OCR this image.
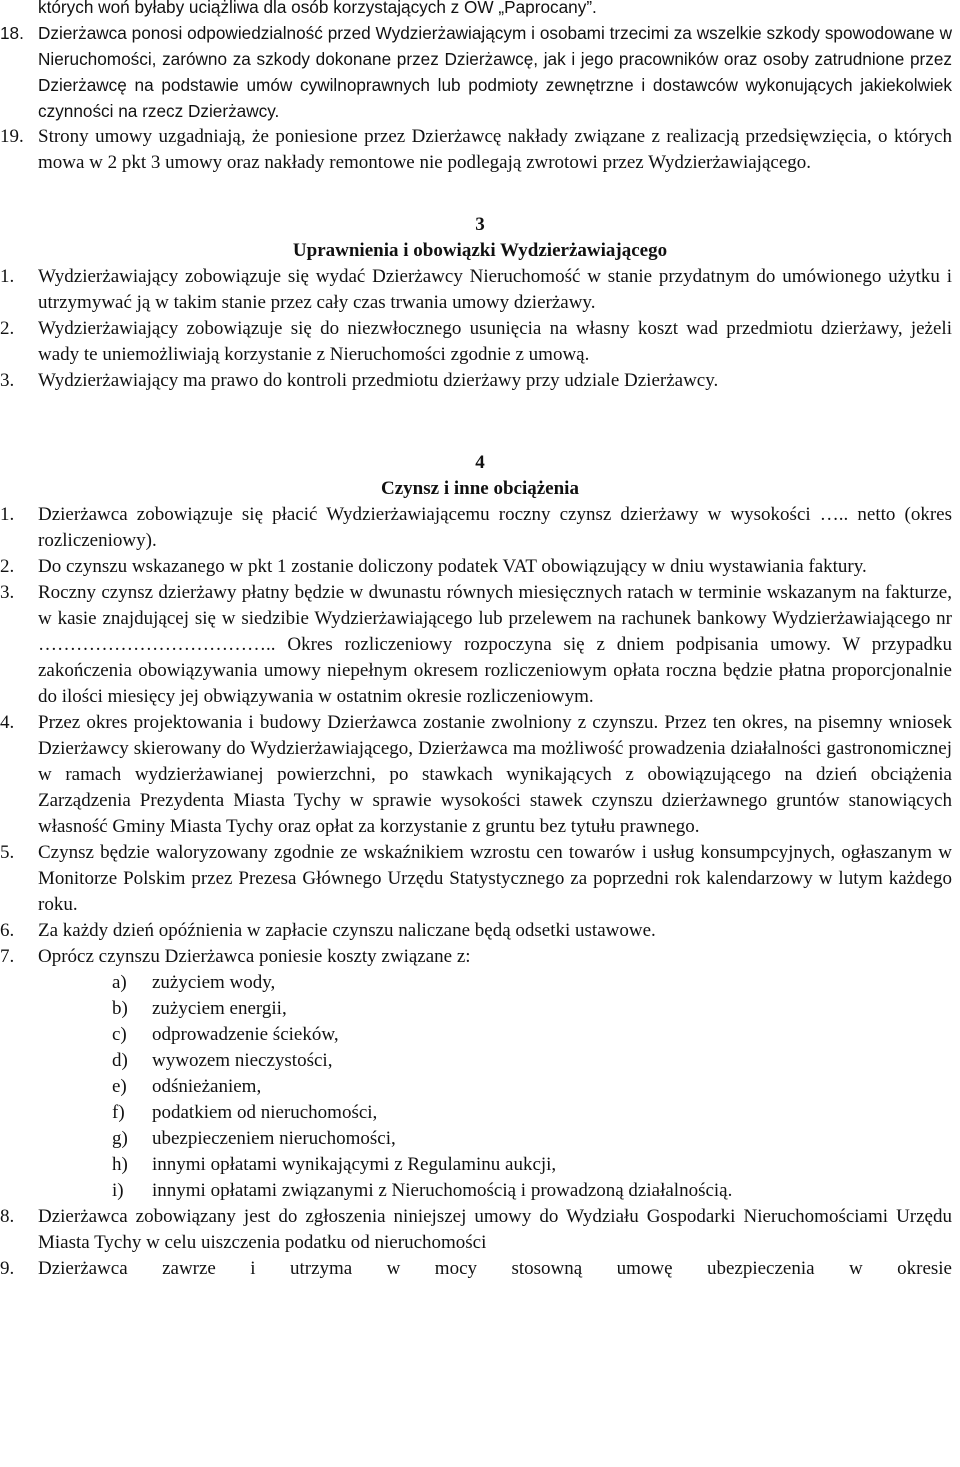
których woń byłaby uciążliwa dla osób korzystających z OW „Paprocany”.
18. Dzierżawca ponosi odpowiedzialność przed Wydzierżawiającym i osobami trzecimi za wszelkie szkody spowodowane w Nieruchomości, zarówno za szkody dokonane przez Dzierżawcę, jak i jego pracowników oraz osoby zatrudnione przez Dzierżawcę na podstawie umów cywilnoprawnych lub podmioty zewnętrzne i dostawców wykonujących jakiekolwiek czynności na rzecz Dzierżawcy.
19. Strony umowy uzgadniają, że poniesione przez Dzierżawcę nakłady związane z realizacją przedsięwzięcia, o których mowa w 2 pkt 3 umowy oraz nakłady remontowe nie podlegają zwrotowi przez Wydzierżawiającego.
3
Uprawnienia i obowiązki Wydzierżawiającego
1.	Wydzierżawiający zobowiązuje się wydać Dzierżawcy Nieruchomość w stanie przydatnym do umówionego użytku i utrzymywać ją w takim stanie przez cały czas trwania umowy dzierżawy.
2.	Wydzierżawiający zobowiązuje się do niezwłocznego usunięcia na własny koszt wad przedmiotu dzierżawy, jeżeli wady te uniemożliwiają korzystanie z Nieruchomości zgodnie z umową.
3.	Wydzierżawiający ma prawo do kontroli przedmiotu dzierżawy przy udziale Dzierżawcy.
4
Czynsz i inne obciążenia
1.	Dzierżawca zobowiązuje się płacić Wydzierżawiającemu roczny czynsz dzierżawy w wysokości ….. netto (okres rozliczeniowy).
2.	Do czynszu wskazanego w pkt 1 zostanie doliczony podatek VAT obowiązujący w dniu wystawiania faktury.
3.	Roczny czynsz dzierżawy płatny będzie w dwunastu równych miesięcznych ratach w terminie wskazanym na fakturze, w kasie znajdującej się w siedzibie Wydzierżawiającego lub przelewem na rachunek bankowy Wydzierżawiającego nr ……………………………….. Okres rozliczeniowy rozpoczyna się z dniem podpisania umowy. W przypadku zakończenia obowiązywania umowy niepełnym okresem rozliczeniowym opłata roczna będzie płatna proporcjonalnie do ilości miesięcy jej obwiązywania w ostatnim okresie rozliczeniowym.
4.	Przez okres projektowania i budowy Dzierżawca zostanie zwolniony z czynszu. Przez ten okres, na pisemny wniosek Dzierżawcy skierowany do Wydzierżawiającego, Dzierżawca ma możliwość prowadzenia działalności gastronomicznej w ramach wydzierżawianej powierzchni, po stawkach wynikających z obowiązującego na dzień obciążenia Zarządzenia Prezydenta Miasta Tychy w sprawie wysokości stawek czynszu dzierżawnego gruntów stanowiących własność Gminy Miasta Tychy oraz opłat za korzystanie z gruntu bez tytułu prawnego.
5.	Czynsz będzie waloryzowany zgodnie ze wskaźnikiem wzrostu cen towarów i usług konsumpcyjnych, ogłaszanym w Monitorze Polskim przez Prezesa Głównego Urzędu Statystycznego za poprzedni rok kalendarzowy w lutym każdego roku.
6.	Za każdy dzień opóźnienia w zapłacie czynszu naliczane będą odsetki ustawowe.
7.	Oprócz czynszu Dzierżawca poniesie koszty związane z:
a)	zużyciem wody,
b)	zużyciem energii,
c)	odprowadzenie ścieków,
d)	wywozem nieczystości,
e)	odśnieżaniem,
f)	podatkiem od nieruchomości,
g)	ubezpieczeniem nieruchomości,
h)	innymi opłatami wynikającymi z Regulaminu aukcji,
i)	innymi opłatami związanymi z Nieruchomością i prowadzoną działalnością.
8.	Dzierżawca zobowiązany jest do zgłoszenia niniejszej umowy do Wydziału Gospodarki Nieruchomościami Urzędu Miasta Tychy w celu uiszczenia podatku od nieruchomości
9.	Dzierżawca zawrze i utrzyma w mocy stosowną umowę ubezpieczenia w okresie
